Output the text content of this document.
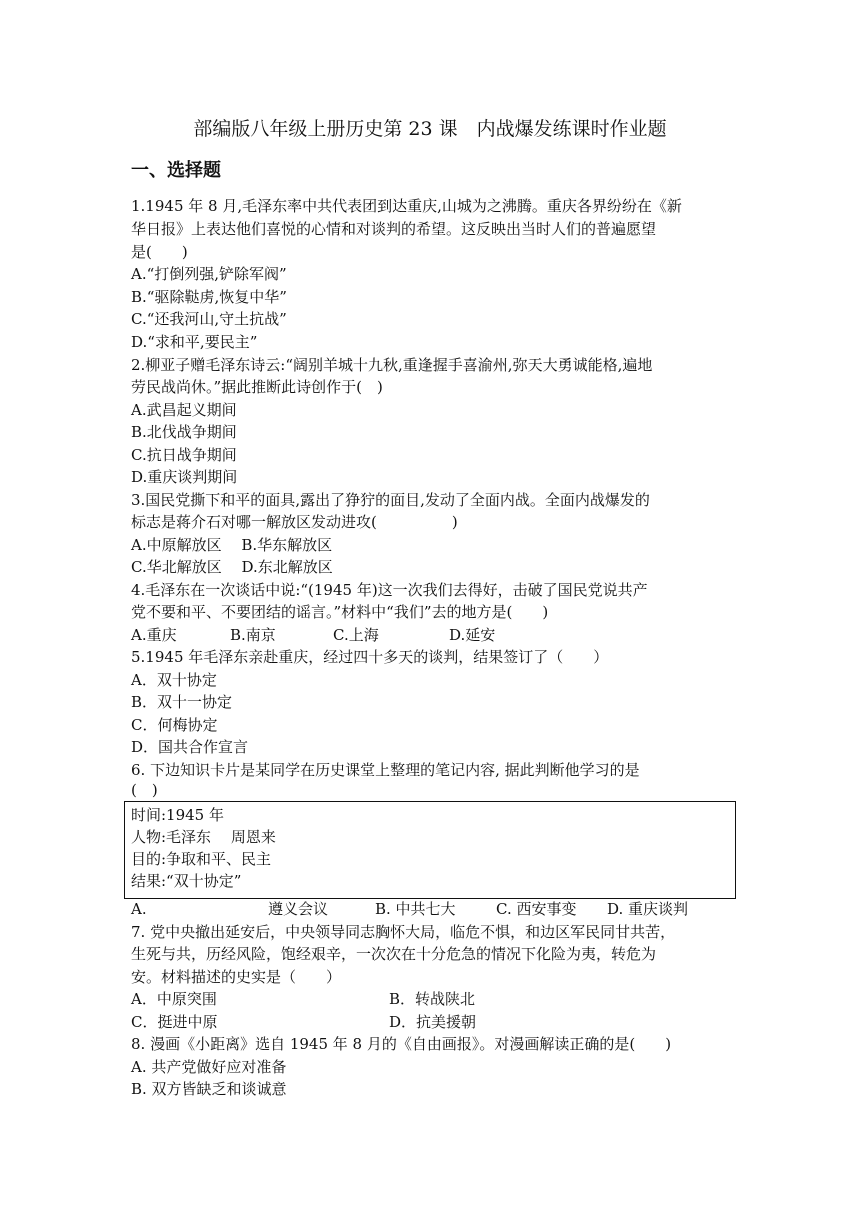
部编版八年级上册历史第 23 课　内战爆发练课时作业题
一、选择题
1.1945 年 8 月,毛泽东率中共代表团到达重庆,山城为之沸腾。重庆各界纷纷在《新
华日报》上表达他们喜悦的心情和对谈判的希望。这反映出当时人们的普遍愿望
是(　　)
A.“打倒列强,铲除军阀”
B.“驱除鞑虏,恢复中华”
C.“还我河山,守土抗战”
D.“求和平,要民主”
2.柳亚子赠毛泽东诗云:“阔别羊城十九秋,重逢握手喜渝州,弥天大勇诚能格,遍地
劳民战尚休。”据此推断此诗创作于(　)
A.武昌起义期间
B.北伐战争期间
C.抗日战争期间
D.重庆谈判期间
3.国民党撕下和平的面具,露出了狰狞的面目,发动了全面内战。全面内战爆发的
标志是蒋介石对哪一解放区发动进攻(　　　　　)
A.中原解放区　 B.华东解放区
C.华北解放区　 D.东北解放区
4.毛泽东在一次谈话中说:“(1945 年)这一次我们去得好，击破了国民党说共产
党不要和平、不要团结的谣言。”材料中“我们”去的地方是(　　)
A.重庆	B.南京	C.上海	D.延安
5.1945 年毛泽东亲赴重庆，经过四十多天的谈判，结果签订了（　　）
A．双十协定
B．双十一协定
C．何梅协定
D．国共合作宣言
6. 下边知识卡片是某同学在历史课堂上整理的笔记内容, 据此判断他学习的是
(　)
时间:1945 年
人物:毛泽东　 周恩来
目的:争取和平、民主
结果:“双十协定”
A.	遵义会议	B. 中共七大	C. 西安事变 D. 重庆谈判
7. 党中央撤出延安后，中央领导同志胸怀大局，临危不惧，和边区军民同甘共苦，
生死与共，历经风险，饱经艰辛，一次次在十分危急的情况下化险为夷，转危为
安。材料描述的史实是（　　）
A．中原突围	B．转战陕北
C．挺进中原	D．抗美援朝
8. 漫画《小距离》选自 1945 年 8 月的《自由画报》。对漫画解读正确的是(　　)
A. 共产党做好应对准备
B. 双方皆缺乏和谈诚意
